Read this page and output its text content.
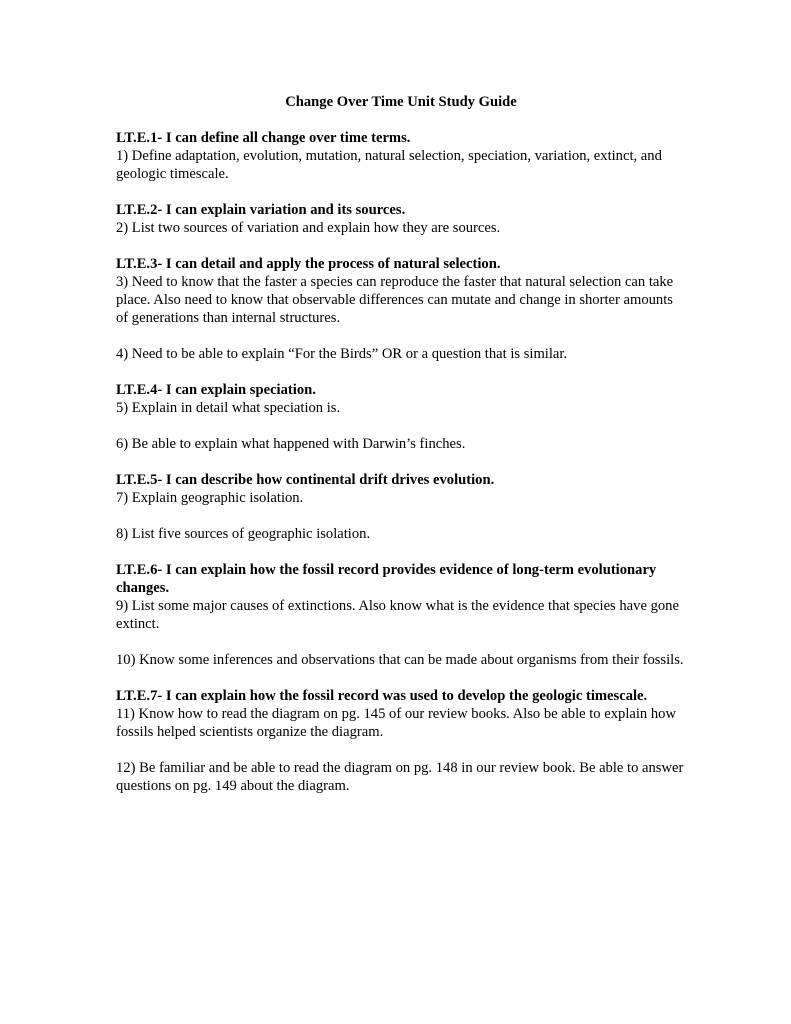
Change Over Time Unit Study Guide

LT.E.1- I can define all change over time terms.

1) Define adaptation, evolution, mutation, natural selection, speciation, variation, extinct, and geologic timescale.

LT.E.2- I can explain variation and its sources.

2) List two sources of variation and explain how they are sources.

LT.E.3- I can detail and apply the process of natural selection.

3) Need to know that the faster a species can reproduce the faster that natural selection can take place. Also need to know that observable differences can mutate and change in shorter amounts of generations than internal structures.

4) Need to be able to explain “For the Birds” OR or a question that is similar.

LT.E.4- I can explain speciation.

5) Explain in detail what speciation is.

6) Be able to explain what happened with Darwin’s finches.

LT.E.5- I can describe how continental drift drives evolution.

7) Explain geographic isolation.

8) List five sources of geographic isolation.

LT.E.6- I can explain how the fossil record provides evidence of long-term evolutionary changes.

9) List some major causes of extinctions. Also know what is the evidence that species have gone extinct.

10) Know some inferences and observations that can be made about organisms from their fossils.

LT.E.7- I can explain how the fossil record was used to develop the geologic timescale.

11) Know how to read the diagram on pg. 145 of our review books. Also be able to explain how fossils helped scientists organize the diagram.

12) Be familiar and be able to read the diagram on pg. 148 in our review book. Be able to answer questions on pg. 149 about the diagram.
